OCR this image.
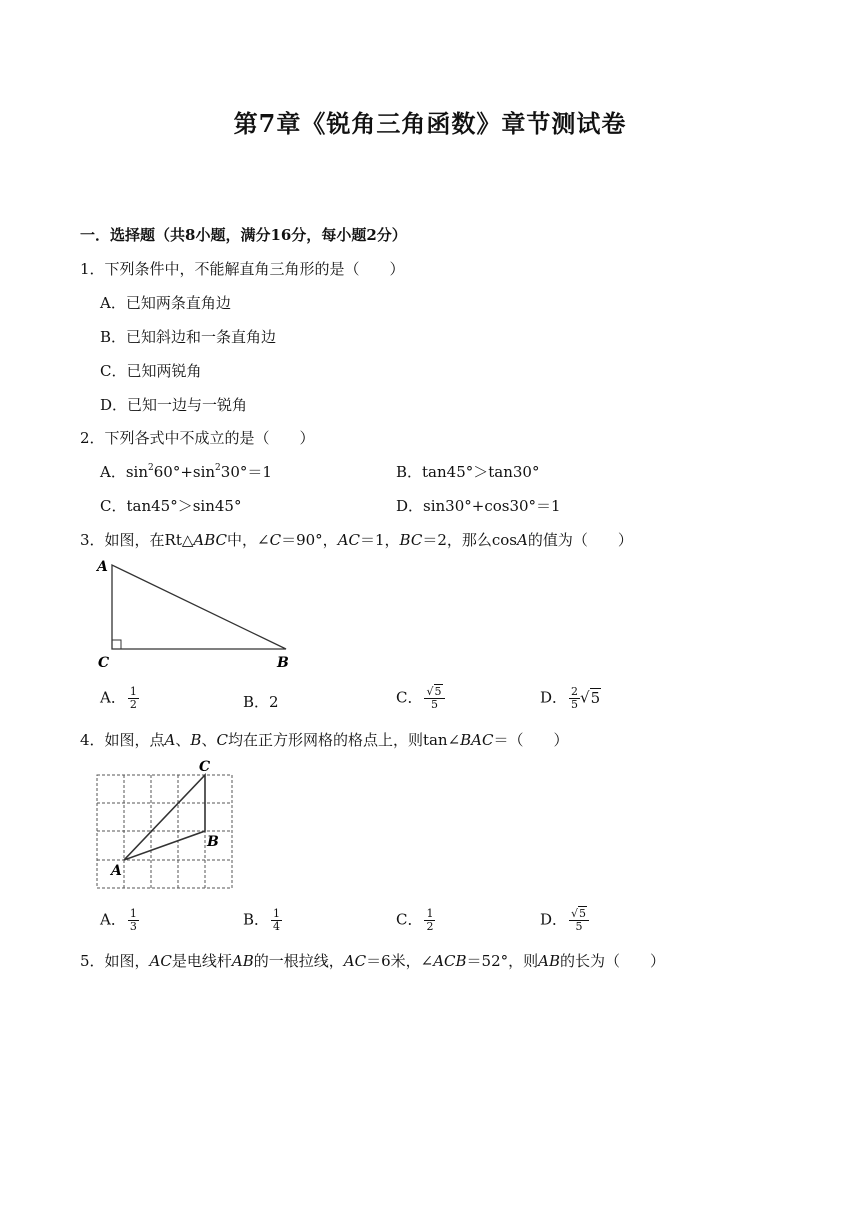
第7章《锐角三角函数》章节测试卷
一．选择题（共8小题，满分16分，每小题2分）
1．下列条件中，不能解直角三角形的是（　　）
A．已知两条直角边
B．已知斜边和一条直角边
C．已知两锐角
D．已知一边与一锐角
2．下列各式中不成立的是（　　）
A．$\sin^260^\circ+\sin^230^\circ=1$	B．tan45°＞tan30°
C．tan45°＞sin45°	D．sin30°+cos30°＝1
3．如图，在Rt△ABC中，∠C＝90°，AC＝1，BC＝2，那么cosA的值为（　　）
A
C	B
A． $\frac{1}{2}$	B．2	C． $\frac{√5}{5}$	D． $\frac{2}{5} √5$
4．如图，点A、B、C均在正方形网格的格点上，则tan∠BAC＝（　　）
C
B
A
A． $\frac{1}{3}$	B． $\frac{1}{4}$	C． $\frac{1}{2}$	D． $\frac{√5}{5}$
5．如图，AC是电线杆AB的一根拉线，AC＝6米，∠ACB＝52°，则AB的长为（　　）
